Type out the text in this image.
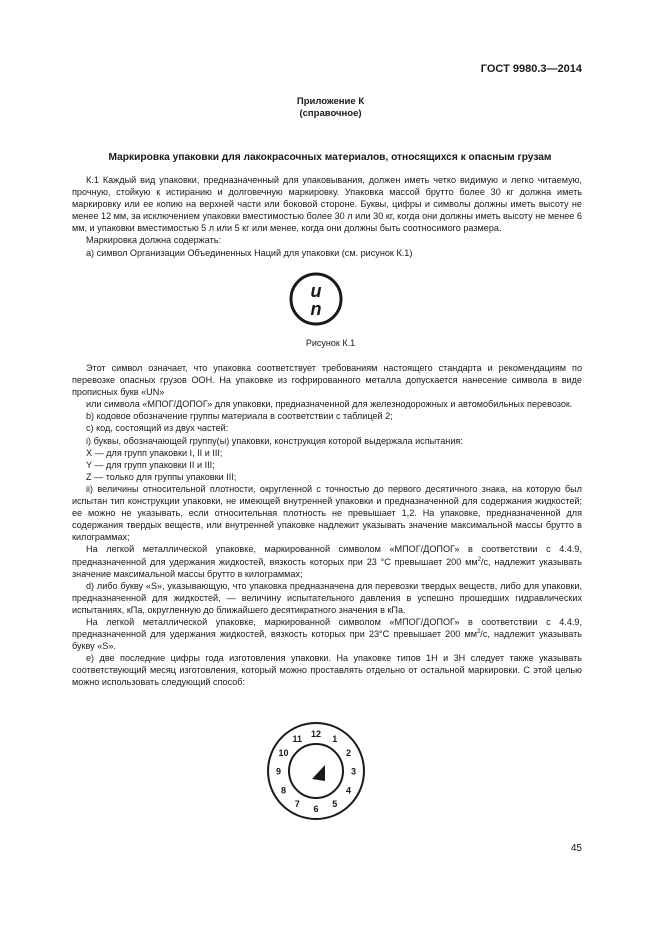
ГОСТ 9980.3—2014
Приложение К
(справочное)
Маркировка упаковки для лакокрасочных материалов, относящихся к опасным грузам

К.1 Каждый вид упаковки, предназначенный для упаковывания, должен иметь четко видимую и легко читаемую, прочную, стойкую к истиранию и долговечную маркировку. Упаковка массой брутто более 30 кг должна иметь маркировку или ее копию на верхней части или боковой стороне. Буквы, цифры и символы должны иметь высоту не менее 12 мм, за исключением упаковки вместимостью более 30 л или 30 кг, когда они должны иметь высоту не менее 6 мм, и упаковки вместимостью 5 л или 5 кг или менее, когда они должны быть соотносимого размера.

Маркировка должна содержать:

а) символ Организации Объединенных Наций для упаковки (см. рисунок К.1)

u
n
Рисунок К.1

Этот символ означает, что упаковка соответствует требованиям настоящего стандарта и рекомендациям по перевозке опасных грузов ООН. На упаковке из гофрированного металла допускается нанесение символа в виде прописных букв «UN»

или символа «МПОГ/ДОПОГ» для упаковки, предназначенной для железнодорожных и автомобильных перевозок.

b) кодовое обозначение группы материала в соответствии с таблицей 2;

с) код, состоящий из двух частей:

i) буквы, обозначающей группу(ы) упаковки, конструкция которой выдержала испытания:

X — для групп упаковки I, II и III;

Y — для групп упаковки II и III;

Z — только для группы упаковки III;

ii) величины относительной плотности, округленной с точностью до первого десятичного знака, на которую был испытан тип конструкции упаковки, не имеющей внутренней упаковки и предназначенной для содержания жидкостей; ее можно не указывать, если относительная плотность не превышает 1,2. На упаковке, предназначенной для содержания твердых веществ, или внутренней упаковке надлежит указывать значение максимальной массы брутто в килограммах;

На легкой металлической упаковке, маркированной символом «МПОГ/ДОПОГ» в соответствии с 4.4.9, предназначенной для удержания жидкостей, вязкость которых при 23 °C превышает 200 $мм^2/с$, надлежит указывать значение максимальной массы брутто в килограммах;

d) либо букву «S», указывающую, что упаковка предназначена для перевозки твердых веществ, либо для упаковки, предназначенной для жидкостей, — величину испытательного давления в успешно прошедших гидравлических испытаниях, кПа, округленную до ближайшего десятикратного значения в кПа.

На легкой металлической упаковке, маркированной символом «МПОГ/ДОПОГ» в соответствии с 4.4.9, предназначенной для удержания жидкостей, вязкость которых при 23°C превышает 200 $мм^2/с$, надлежит указывать букву «S».

е) две последние цифры года изготовления упаковки. На упаковке типов 1Н и 3Н следует также указывать соответствующий месяц изготовления, который можно проставлять отдельно от остальной маркировки. С этой целью можно использовать следующий способ:

12 1
2
3
4
5
6
7
8
9
10
11
45
